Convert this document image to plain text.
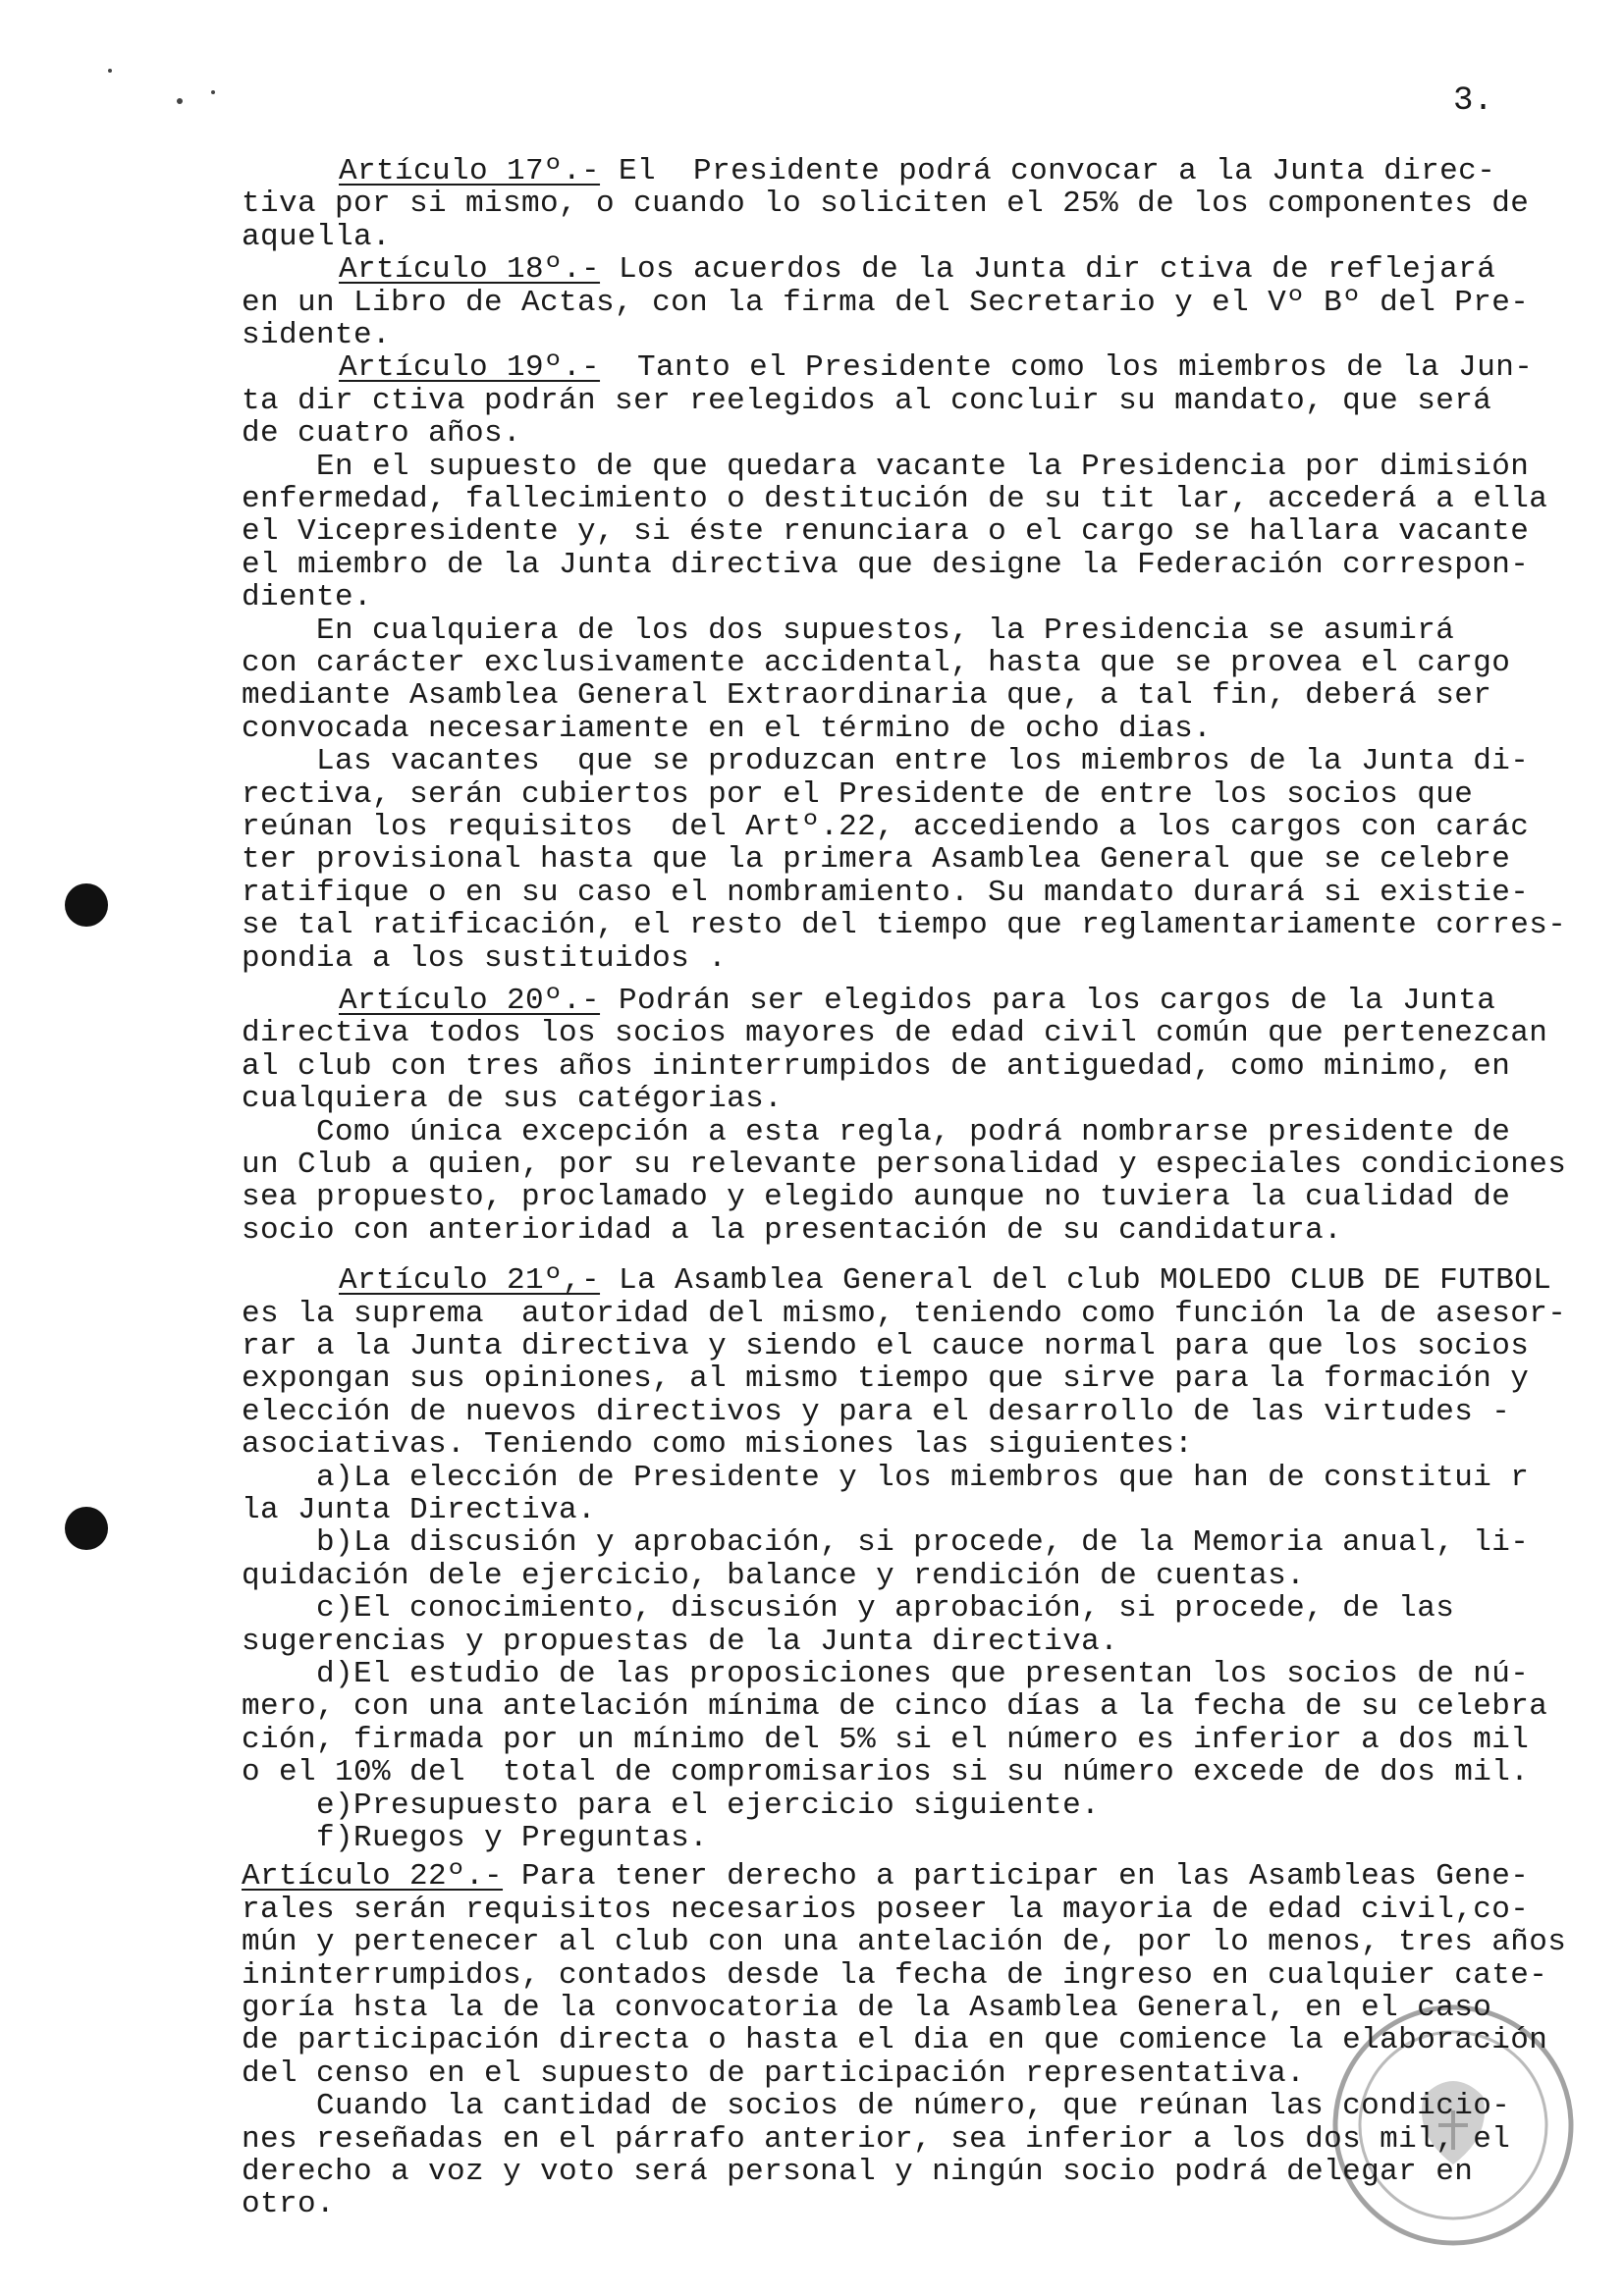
3.
Artículo 17º.- El  Presidente podrá convocar a la Junta direc-
tiva por si mismo, o cuando lo soliciten el 25% de los componentes de
aquella.
Artículo 18º.- Los acuerdos de la Junta dir ctiva de reflejará
en un Libro de Actas, con la firma del Secretario y el Vº Bº del Pre-
sidente.
Artículo 19º.-  Tanto el Presidente como los miembros de la Jun-
ta dir ctiva podrán ser reelegidos al concluir su mandato, que será
de cuatro años.
En el supuesto de que quedara vacante la Presidencia por dimisión
enfermedad, fallecimiento o destitución de su tit lar, accederá a ella
el Vicepresidente y, si éste renunciara o el cargo se hallara vacante
el miembro de la Junta directiva que designe la Federación correspon-
diente.
En cualquiera de los dos supuestos, la Presidencia se asumirá
con carácter exclusivamente accidental, hasta que se provea el cargo
mediante Asamblea General Extraordinaria que, a tal fin, deberá ser
convocada necesariamente en el término de ocho dias.
Las vacantes  que se produzcan entre los miembros de la Junta di-
rectiva, serán cubiertos por el Presidente de entre los socios que
reúnan los requisitos  del Artº.22, accediendo a los cargos con carác
ter provisional hasta que la primera Asamblea General que se celebre
ratifique o en su caso el nombramiento. Su mandato durará si existie-
se tal ratificación, el resto del tiempo que reglamentariamente corres-
pondia a los sustituidos .
Artículo 20º.- Podrán ser elegidos para los cargos de la Junta
directiva todos los socios mayores de edad civil común que pertenezcan
al club con tres años ininterrumpidos de antiguedad, como minimo, en
cualquiera de sus catégorias.
Como única excepción a esta regla, podrá nombrarse presidente de
un Club a quien, por su relevante personalidad y especiales condiciones
sea propuesto, proclamado y elegido aunque no tuviera la cualidad de
socio con anterioridad a la presentación de su candidatura.
Artículo 21º,- La Asamblea General del club MOLEDO CLUB DE FUTBOL
es la suprema  autoridad del mismo, teniendo como función la de asesor-
rar a la Junta directiva y siendo el cauce normal para que los socios
expongan sus opiniones, al mismo tiempo que sirve para la formación y
elección de nuevos directivos y para el desarrollo de las virtudes -
asociativas. Teniendo como misiones las siguientes:
a)La elección de Presidente y los miembros que han de constitui r
la Junta Directiva.
b)La discusión y aprobación, si procede, de la Memoria anual, li-
quidación dele ejercicio, balance y rendición de cuentas.
c)El conocimiento, discusión y aprobación, si procede, de las
sugerencias y propuestas de la Junta directiva.
d)El estudio de las proposiciones que presentan los socios de nú-
mero, con una antelación mínima de cinco días a la fecha de su celebra
ción, firmada por un mínimo del 5% si el número es inferior a dos mil
o el 10% del  total de compromisarios si su número excede de dos mil.
e)Presupuesto para el ejercicio siguiente.
f)Ruegos y Preguntas.
Artículo 22º.- Para tener derecho a participar en las Asambleas Gene-
rales serán requisitos necesarios poseer la mayoria de edad civil,co-
mún y pertenecer al club con una antelación de, por lo menos, tres años
ininterrumpidos, contados desde la fecha de ingreso en cualquier cate-
goría hsta la de la convocatoria de la Asamblea General, en el caso
de participación directa o hasta el dia en que comience la elaboración
del censo en el supuesto de participación representativa.
Cuando la cantidad de socios de número, que reúnan las condicio-
nes reseñadas en el párrafo anterior, sea inferior a los dos mil, el
derecho a voz y voto será personal y ningún socio podrá delegar en
otro.
